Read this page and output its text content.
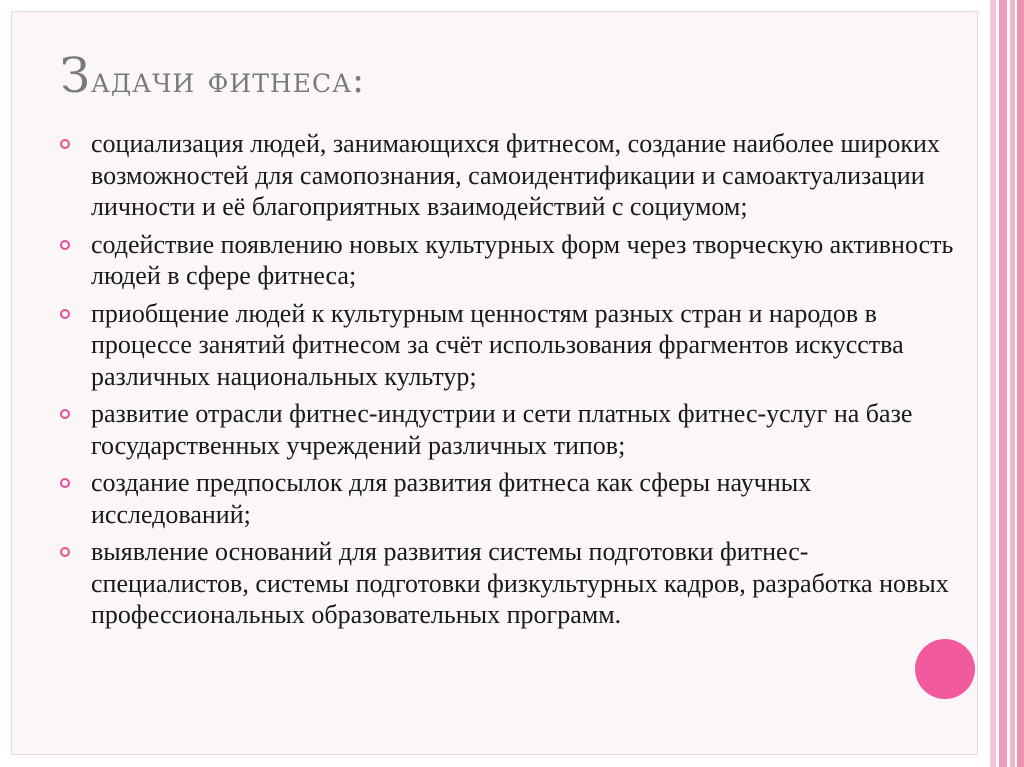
Задачи фитнеса:
социализация людей, занимающихся фитнесом, создание наиболее широких возможностей для самопознания, самоидентификации и самоактуализации личности и её благоприятных взаимодействий с социумом;
содействие появлению новых культурных форм через творческую активность людей в сфере фитнеса;
приобщение людей к культурным ценностям разных стран и народов в процессе занятий фитнесом за счёт использования фрагментов искусства различных национальных культур;
развитие отрасли фитнес-индустрии и сети платных фитнес-услуг на базе государственных учреждений различных типов;
создание предпосылок для развития фитнеса как сферы научных исследований;
выявление оснований для развития системы подготовки фитнес-специалистов, системы подготовки физкультурных кадров, разработка новых профессиональных образовательных программ.
